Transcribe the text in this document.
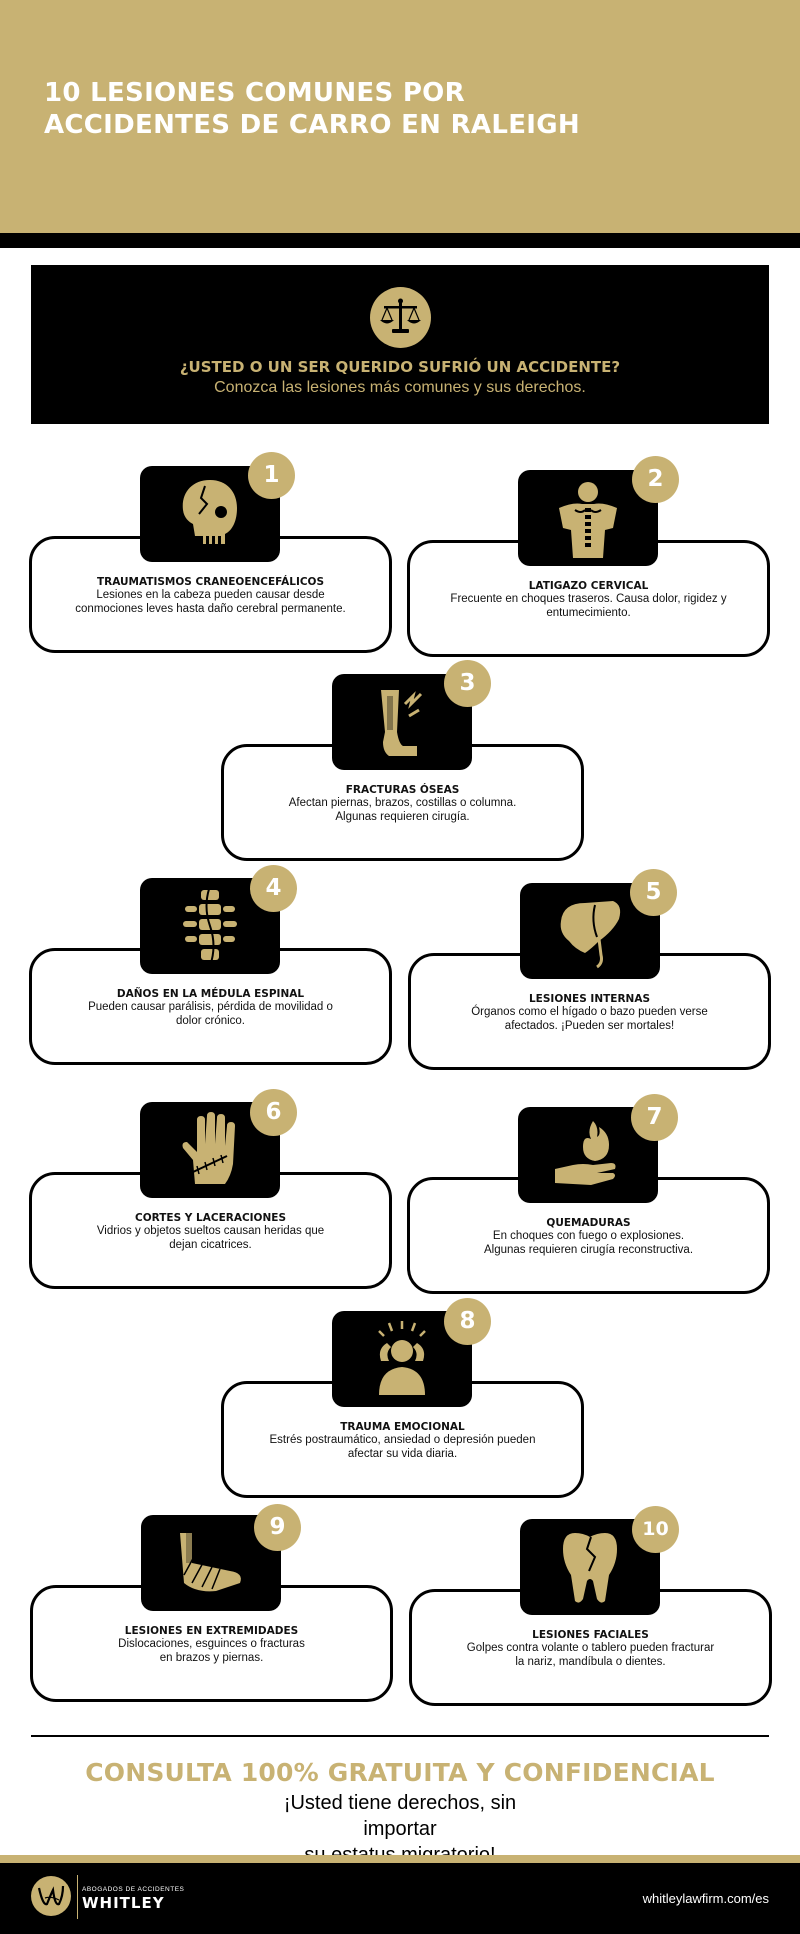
10 LESIONES COMUNES POR
ACCIDENTES DE CARRO EN RALEIGH
¿USTED O UN SER QUERIDO SUFRIÓ UN ACCIDENTE?
Conozca las lesiones más comunes y sus derechos.
TRAUMATISMOS CRANEOENCEFÁLICOS
Lesiones en la cabeza pueden causar desde
conmociones leves hasta daño cerebral permanente.
1
LATIGAZO CERVICAL
Frecuente en choques traseros. Causa dolor, rigidez y
entumecimiento.
2
FRACTURAS ÓSEAS
Afectan piernas, brazos, costillas o columna.
Algunas requieren cirugía.
3
DAÑOS EN LA MÉDULA ESPINAL
Pueden causar parálisis, pérdida de movilidad o
dolor crónico.
4
LESIONES INTERNAS
Órganos como el hígado o bazo pueden verse
afectados. ¡Pueden ser mortales!
5
CORTES Y LACERACIONES
Vidrios y objetos sueltos causan heridas que
dejan cicatrices.
6
QUEMADURAS
En choques con fuego o explosiones.
Algunas requieren cirugía reconstructiva.
7
TRAUMA EMOCIONAL
Estrés postraumático, ansiedad o depresión pueden
afectar su vida diaria.
8
LESIONES EN EXTREMIDADES
Dislocaciones, esguinces o fracturas
en brazos y piernas.
9
LESIONES FACIALES
Golpes contra volante o tablero pueden fracturar
la nariz, mandíbula o dientes.
10
CONSULTA 100% GRATUITA Y CONFIDENCIAL
¡Usted tiene derechos, sin importar
ABOGADOS DE ACCIDENTES
WHITLEY	whitleylawfirm.com/es
